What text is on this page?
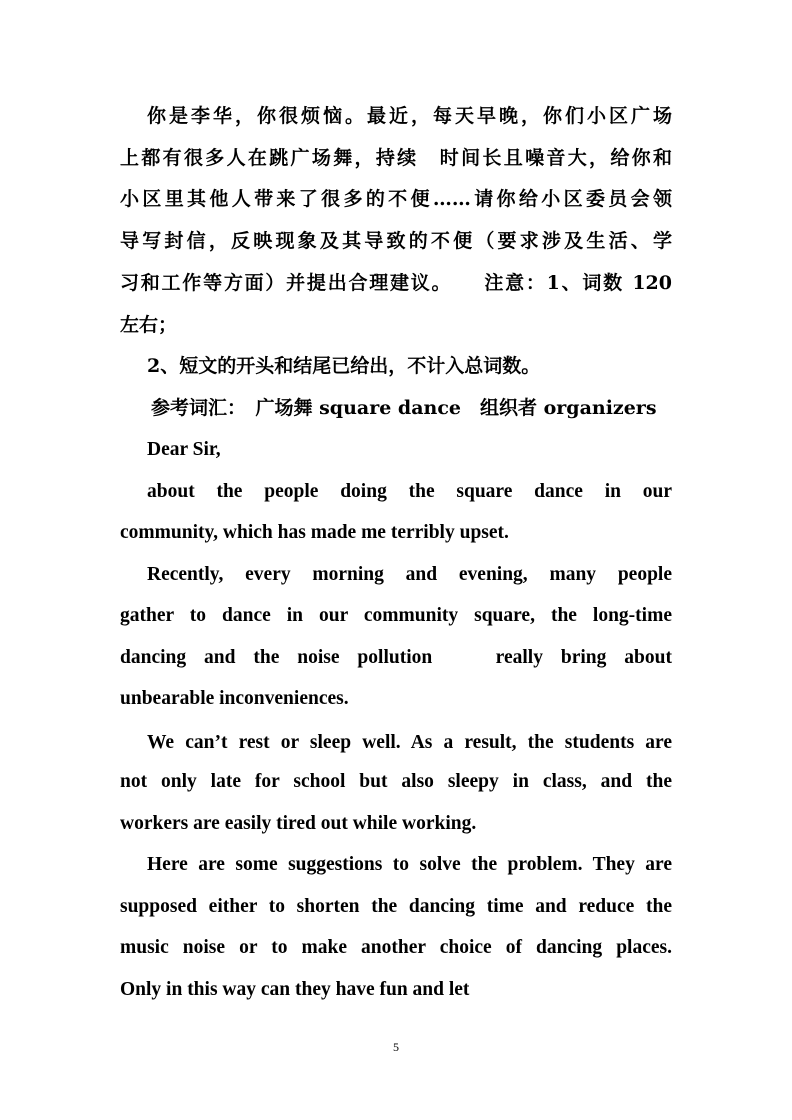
你是李华，你很烦恼。最近，每天早晚，你们小区广场
上都有很多人在跳广场舞，持续　时间长且噪音大，给你和
小区里其他人带来了很多的不便……请你给小区委员会领
导写封信，反映现象及其导致的不便（要求涉及生活、学
习和工作等方面）并提出合理建议。　　注意：1、词数 120
左右；
2、短文的开头和结尾已给出，不计入总词数。
参考词汇：　广场舞 square dance　组织者 organizers
Dear Sir,
about the people doing the square dance in our
community, which has made me terribly upset.
Recently, every morning and evening, many people
gather to dance in our community square, the long-time
dancing and the noise pollution　 really bring about
unbearable inconveniences.
We can’t rest or sleep well. As a result, the students are
not only late for school but also sleepy in class, and the
workers are easily tired out while working.
Here are some suggestions to solve the problem. They are
supposed either to shorten the dancing time and reduce the
music noise or to make another choice of dancing places.
Only in this way can they have fun and let
5
